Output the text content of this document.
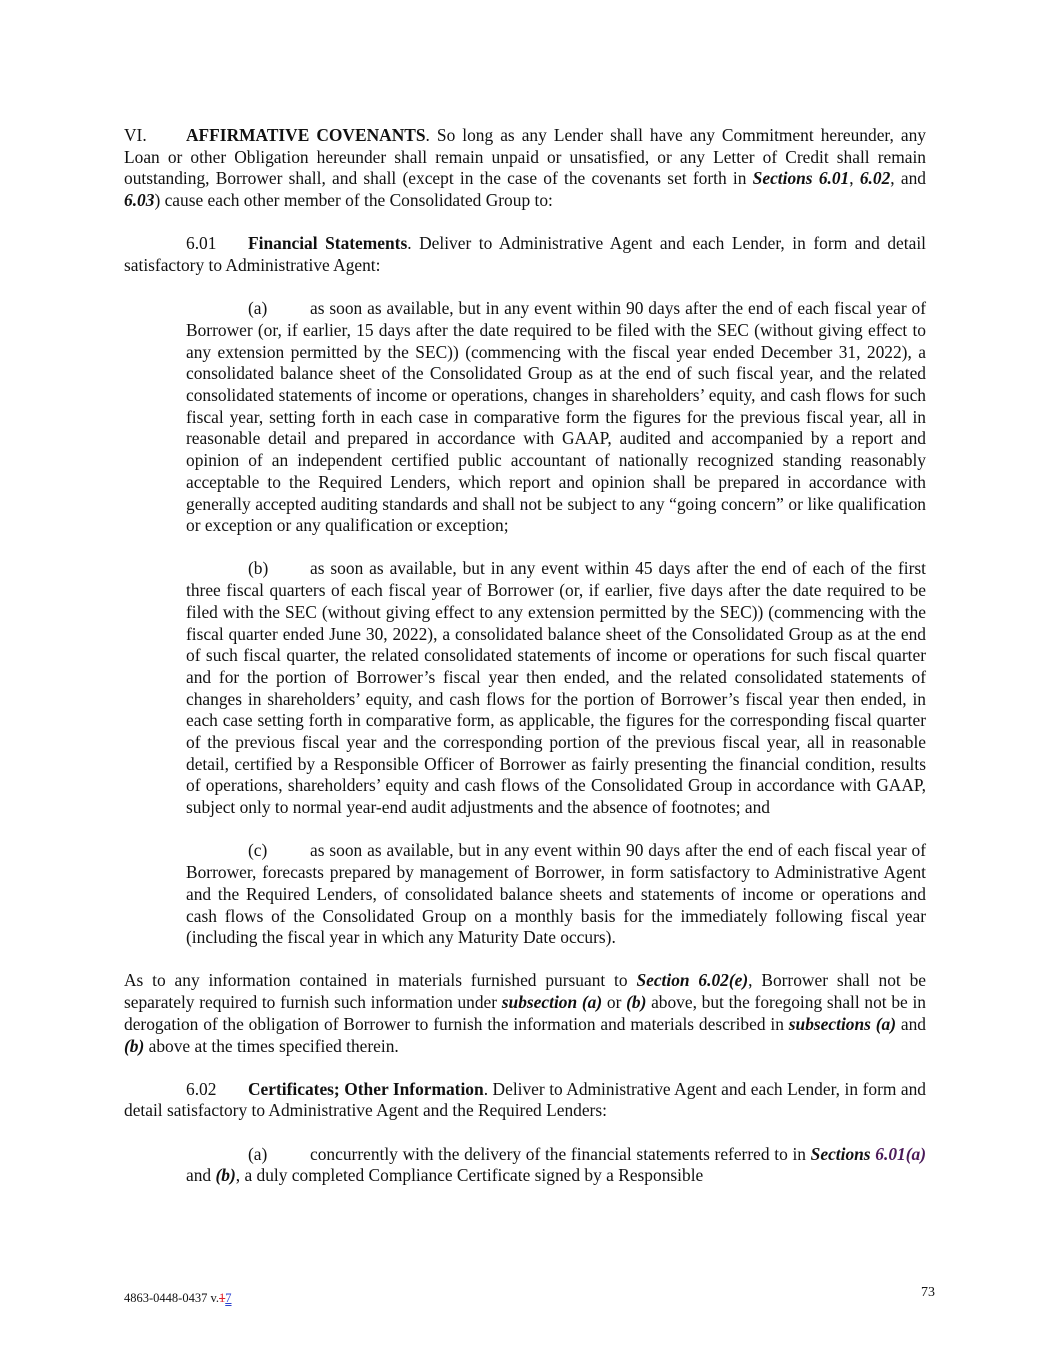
VI. AFFIRMATIVE COVENANTS. So long as any Lender shall have any Commitment hereunder, any Loan or other Obligation hereunder shall remain unpaid or unsatisfied, or any Letter of Credit shall remain outstanding, Borrower shall, and shall (except in the case of the covenants set forth in Sections 6.01, 6.02, and 6.03) cause each other member of the Consolidated Group to:

6.01 Financial Statements. Deliver to Administrative Agent and each Lender, in form and detail satisfactory to Administrative Agent:

(a) as soon as available, but in any event within 90 days after the end of each fiscal year of Borrower (or, if earlier, 15 days after the date required to be filed with the SEC (without giving effect to any extension permitted by the SEC)) (commencing with the fiscal year ended December 31, 2022), a consolidated balance sheet of the Consolidated Group as at the end of such fiscal year, and the related consolidated statements of income or operations, changes in shareholders’ equity, and cash flows for such fiscal year, setting forth in each case in comparative form the figures for the previous fiscal year, all in reasonable detail and prepared in accordance with GAAP, audited and accompanied by a report and opinion of an independent certified public accountant of nationally recognized standing reasonably acceptable to the Required Lenders, which report and opinion shall be prepared in accordance with generally accepted auditing standards and shall not be subject to any “going concern” or like qualification or exception or any qualification or exception;

(b) as soon as available, but in any event within 45 days after the end of each of the first three fiscal quarters of each fiscal year of Borrower (or, if earlier, five days after the date required to be filed with the SEC (without giving effect to any extension permitted by the SEC)) (commencing with the fiscal quarter ended June 30, 2022), a consolidated balance sheet of the Consolidated Group as at the end of such fiscal quarter, the related consolidated statements of income or operations for such fiscal quarter and for the portion of Borrower’s fiscal year then ended, and the related consolidated statements of changes in shareholders’ equity, and cash flows for the portion of Borrower’s fiscal year then ended, in each case setting forth in comparative form, as applicable, the figures for the corresponding fiscal quarter of the previous fiscal year and the corresponding portion of the previous fiscal year, all in reasonable detail, certified by a Responsible Officer of Borrower as fairly presenting the financial condition, results of operations, shareholders’ equity and cash flows of the Consolidated Group in accordance with GAAP, subject only to normal year-end audit adjustments and the absence of footnotes; and

(c) as soon as available, but in any event within 90 days after the end of each fiscal year of Borrower, forecasts prepared by management of Borrower, in form satisfactory to Administrative Agent and the Required Lenders, of consolidated balance sheets and statements of income or operations and cash flows of the Consolidated Group on a monthly basis for the immediately following fiscal year (including the fiscal year in which any Maturity Date occurs).

As to any information contained in materials furnished pursuant to Section 6.02(e), Borrower shall not be separately required to furnish such information under subsection (a) or (b) above, but the foregoing shall not be in derogation of the obligation of Borrower to furnish the information and materials described in subsections (a) and (b) above at the times specified therein.

6.02 Certificates; Other Information. Deliver to Administrative Agent and each Lender, in form and detail satisfactory to Administrative Agent and the Required Lenders:

(a) concurrently with the delivery of the financial statements referred to in Sections 6.01(a) and (b), a duly completed Compliance Certificate signed by a Responsible

4863-0448-0437 v.17	73
